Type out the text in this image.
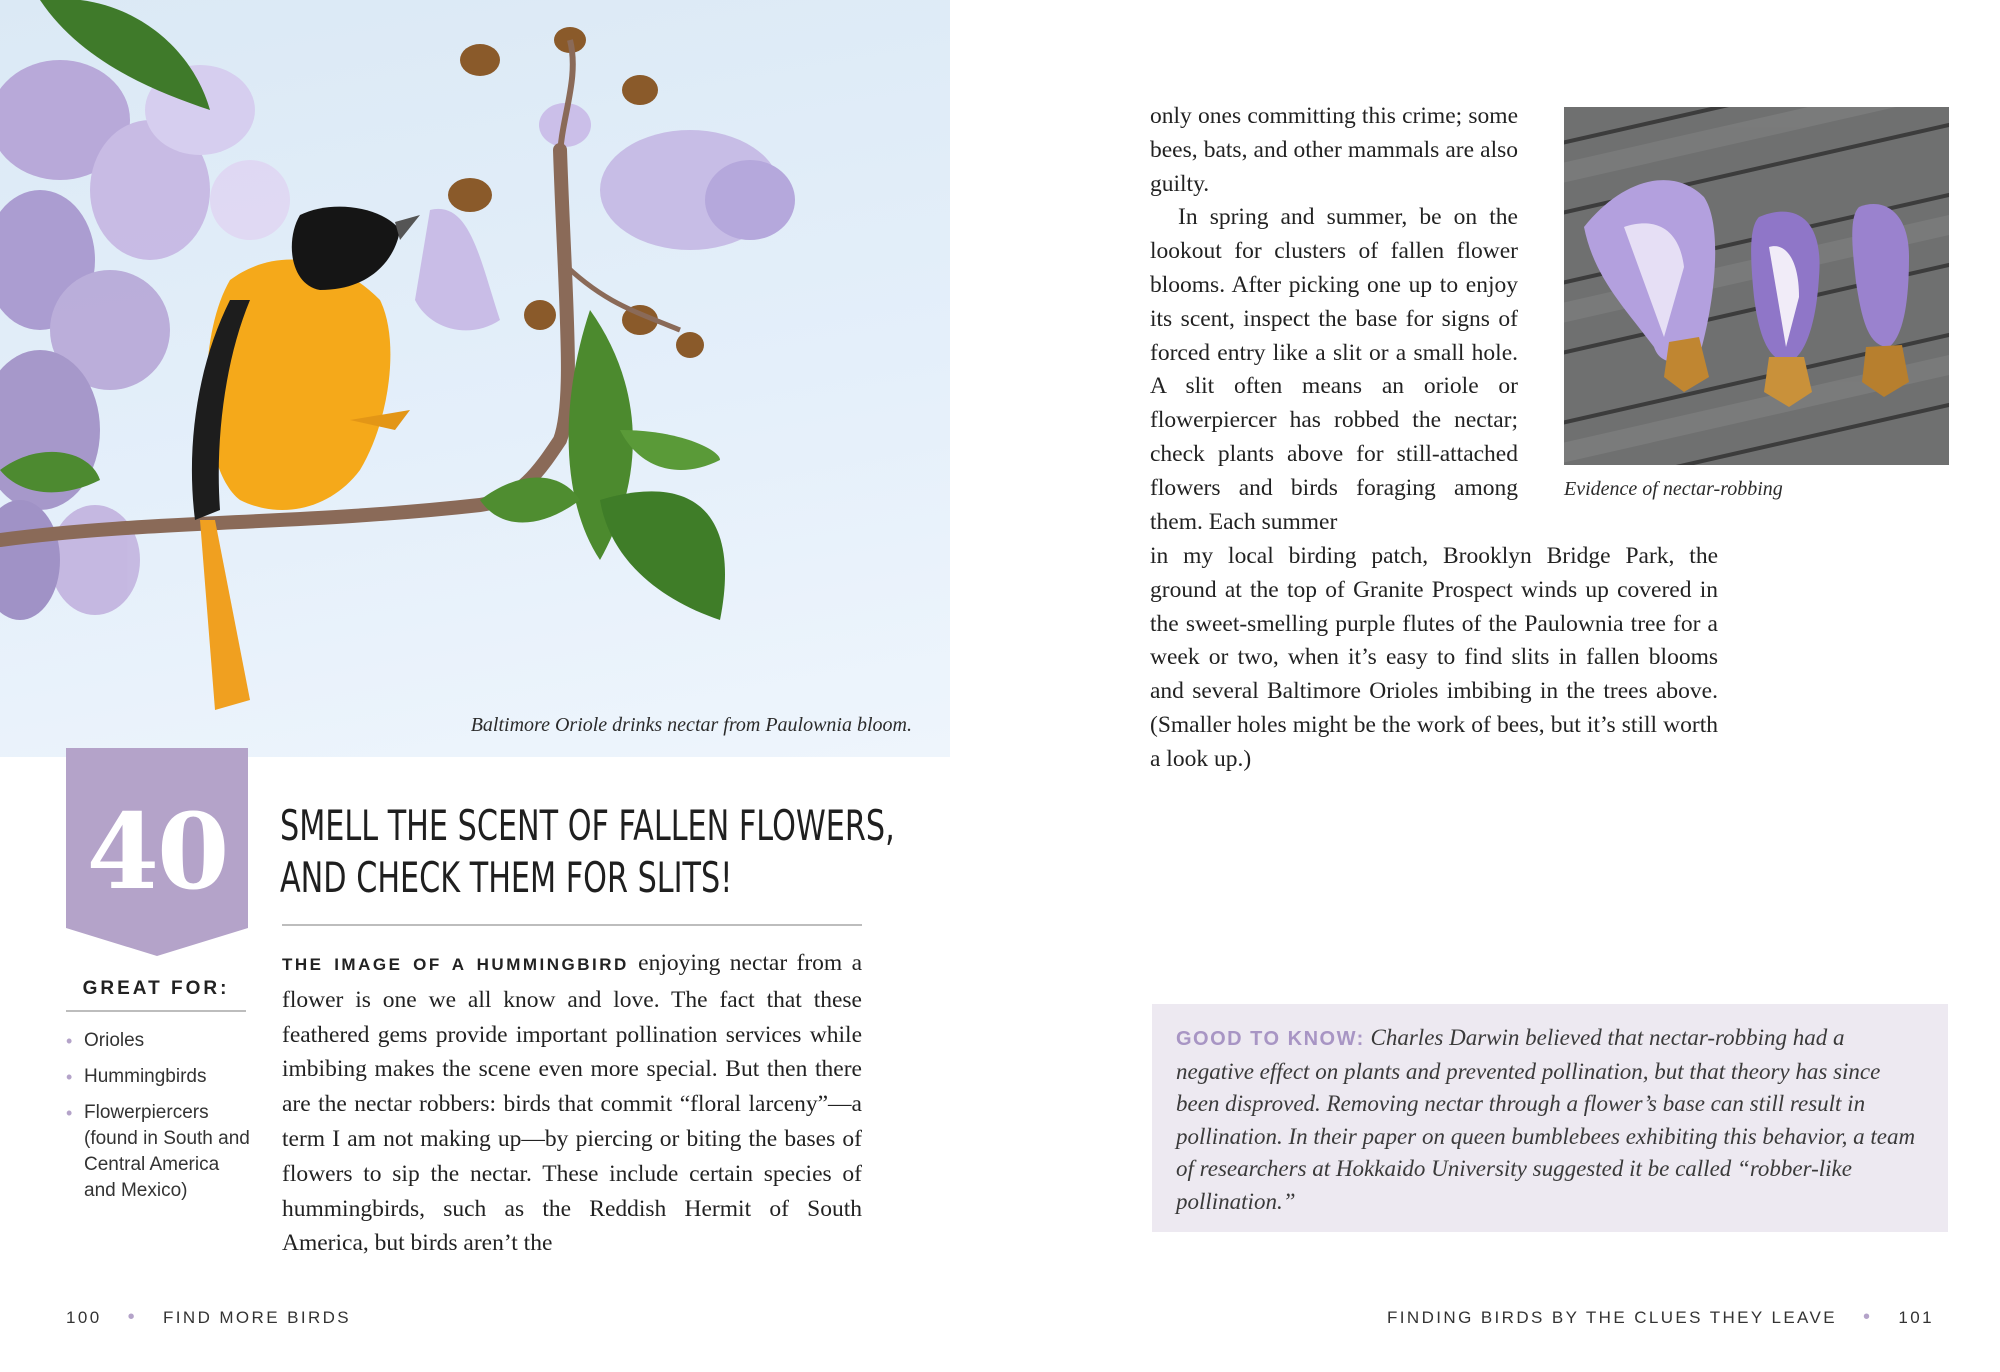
Baltimore Oriole drinks nectar from Paulownia bloom.
40
GREAT FOR:
• Orioles
• Hummingbirds
• Flowerpiercers (found in South and Central America and Mexico)
SMELL THE SCENT OF FALLEN FLOWERS,
AND CHECK THEM FOR SLITS!

THE IMAGE OF A HUMMINGBIRD enjoying nectar from a flower is one we all know and love. The fact that these feathered gems provide important pollination services while imbibing makes the scene even more special. But then there are the nectar robbers: birds that commit “floral larceny”—a term I am not making up—by piercing or biting the bases of flowers to sip the nectar. These include certain species of hummingbirds, such as the Reddish Hermit of South America, but birds aren’t the

100 • FIND MORE BIRDS

only ones committing this crime; some bees, bats, and other mammals are also guilty.

In spring and summer, be on the lookout for clusters of fallen flower blooms. After picking one up to enjoy its scent, inspect the base for signs of forced entry like a slit or a small hole. A slit often means an oriole or flowerpiercer has robbed the nectar; check plants above for still-attached flowers and birds foraging among them. Each summer

Evidence of nectar-robbing

in my local birding patch, Brooklyn Bridge Park, the ground at the top of Granite Prospect winds up covered in the sweet-smelling purple flutes of the Paulownia tree for a week or two, when it’s easy to find slits in fallen blooms and several Baltimore Orioles imbibing in the trees above. (Smaller holes might be the work of bees, but it’s still worth a look up.)

GOOD TO KNOW: Charles Darwin believed that nectar-robbing had a negative effect on plants and prevented pollination, but that theory has since been disproved. Removing nectar through a flower’s base can still result in pollination. In their paper on queen bumblebees exhibiting this behavior, a team of researchers at Hokkaido University suggested it be called “robber-like pollination.”
FINDING BIRDS BY THE CLUES THEY LEAVE • 101
